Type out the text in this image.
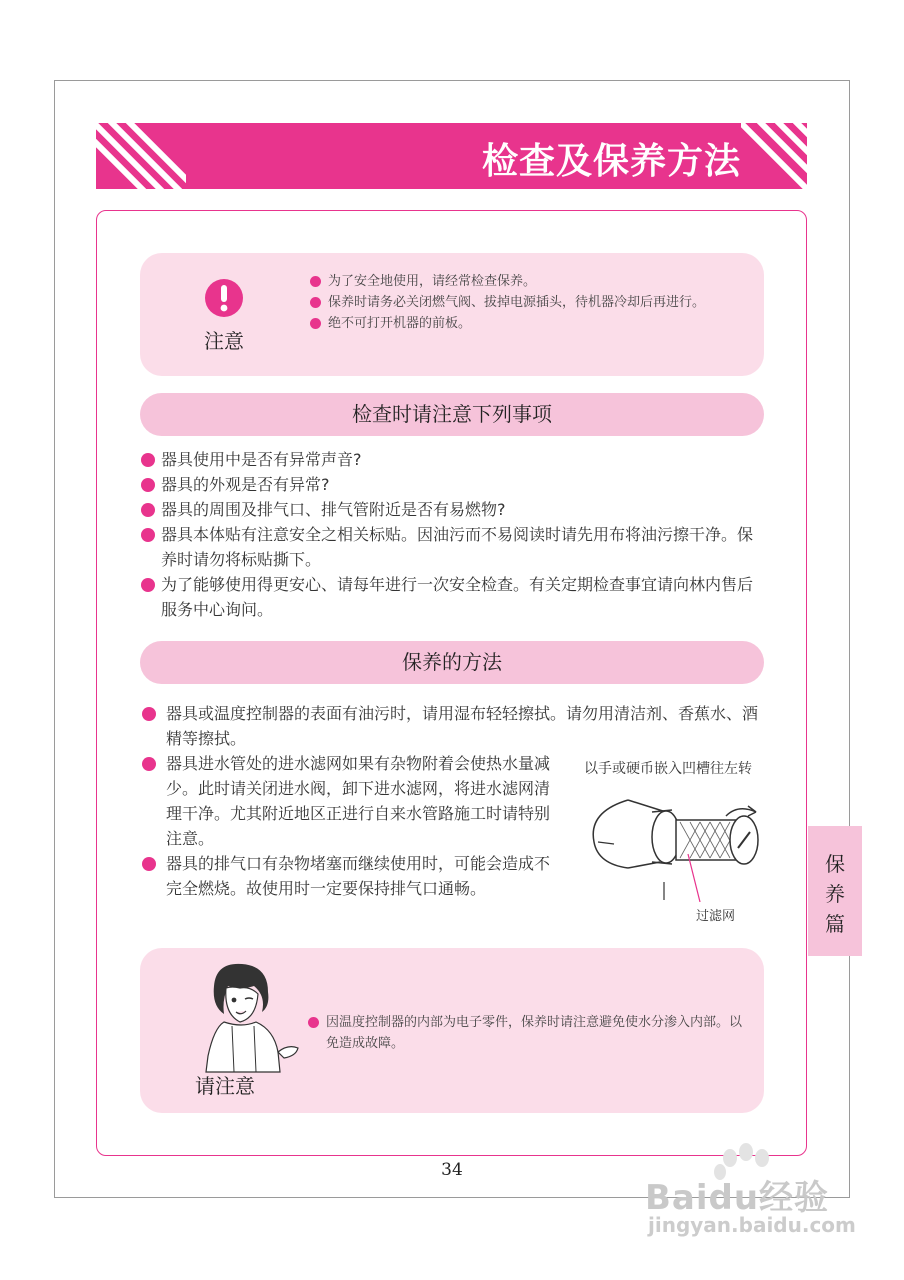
检查及保养方法
注意
为了安全地使用，请经常检查保养。
保养时请务必关闭燃气阀、拔掉电源插头，待机器冷却后再进行。
绝不可打开机器的前板。
检查时请注意下列事项
器具使用中是否有异常声音?
器具的外观是否有异常?
器具的周围及排气口、排气管附近是否有易燃物?
器具本体贴有注意安全之相关标贴。因油污而不易阅读时请先用布将油污擦干净。保养时请勿将标贴撕下。
为了能够使用得更安心、请每年进行一次安全检查。有关定期检查事宜请向林内售后服务中心询问。
保养的方法
器具或温度控制器的表面有油污时，请用湿布轻轻擦拭。请勿用清洁剂、香蕉水、酒精等擦拭。
器具进水管处的进水滤网如果有杂物附着会使热水量减少。此时请关闭进水阀，卸下进水滤网，将进水滤网清理干净。尤其附近地区正进行自来水管路施工时请特别注意。
器具的排气口有杂物堵塞而继续使用时，可能会造成不完全燃烧。故使用时一定要保持排气口通畅。
以手或硬币嵌入凹槽往左转
过滤网
保
养
篇
请注意
因温度控制器的内部为电子零件，保养时请注意避免使水分渗入内部。以免造成故障。
34
Baidu经验
jingyan.baidu.com
